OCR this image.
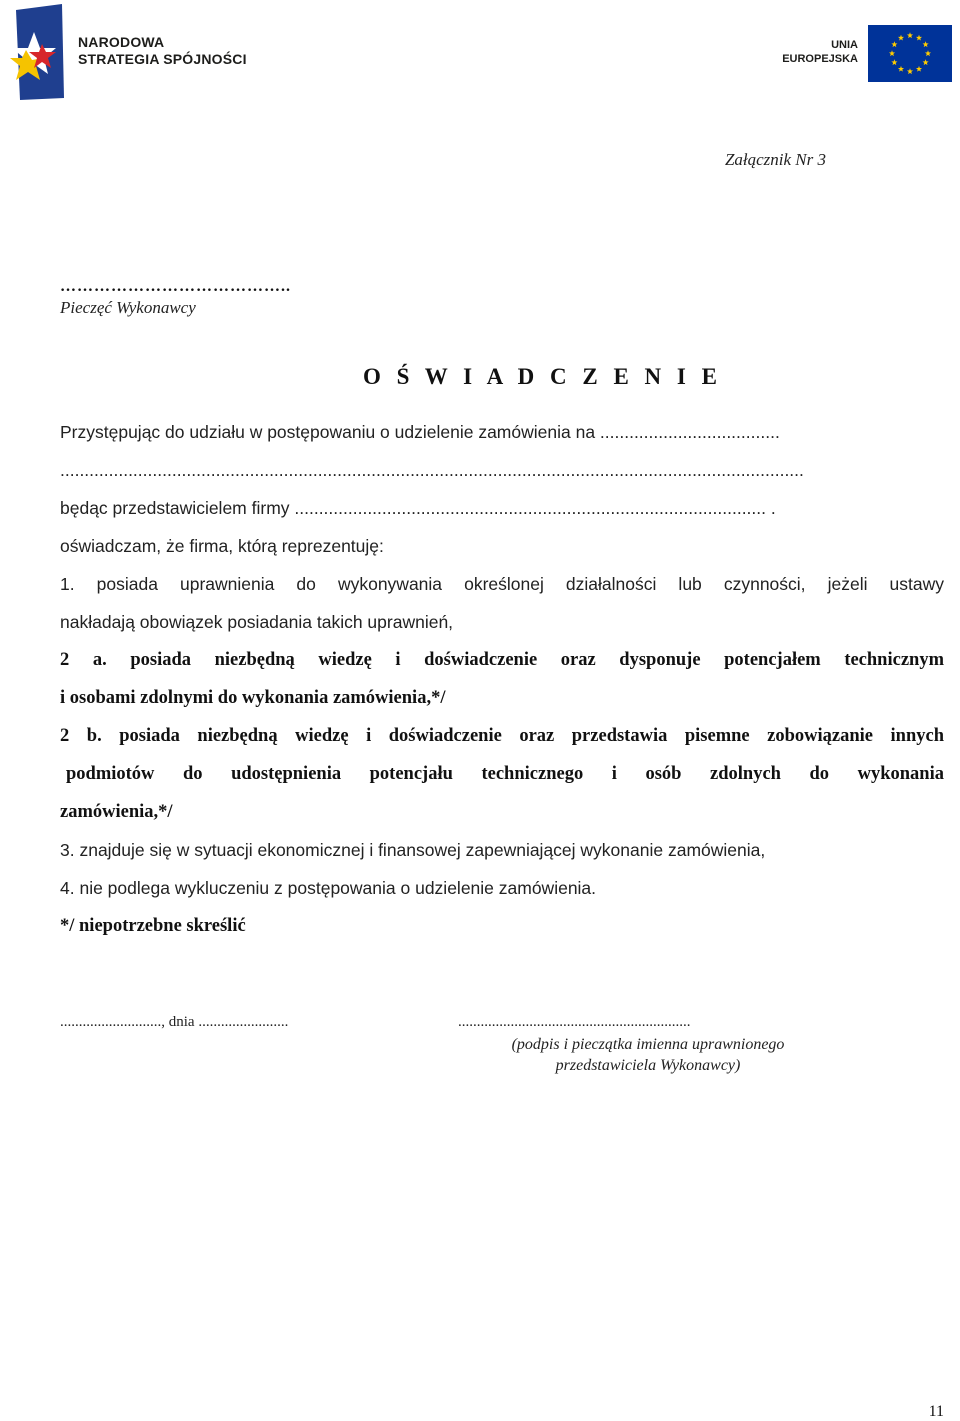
NARODOWA
STRATEGIA SPÓJNOŚCI
UNIA
EUROPEJSKA
Załącznik Nr 3
…………………………………..
Pieczęć Wykonawcy
O Ś W I A D C Z E N I E
Przystępując do udziału w postępowaniu o udzielenie zamówienia na .....................................
.........................................................................................................................................................
będąc przedstawicielem firmy ................................................................................................. .
oświadczam, że firma, którą reprezentuję:
1. posiada uprawnienia do wykonywania określonej działalności lub czynności, jeżeli ustawy
nakładają obowiązek posiadania takich uprawnień,
2 a. posiada niezbędną wiedzę i doświadczenie oraz dysponuje potencjałem technicznym
i osobami zdolnymi do wykonania zamówienia,*/
2 b. posiada niezbędną wiedzę i doświadczenie oraz przedstawia pisemne zobowiązanie innych
podmiotów do udostępnienia potencjału technicznego i osób zdolnych do wykonania
zamówienia,*/
3. znajduje się w sytuacji ekonomicznej i finansowej zapewniającej wykonanie zamówienia,
4. nie podlega wykluczeniu z postępowania o udzielenie zamówienia.
*/ niepotrzebne skreślić
..........................., dnia ........................	..............................................................
(podpis i pieczątka imienna uprawnionego
przedstawiciela Wykonawcy)
11
